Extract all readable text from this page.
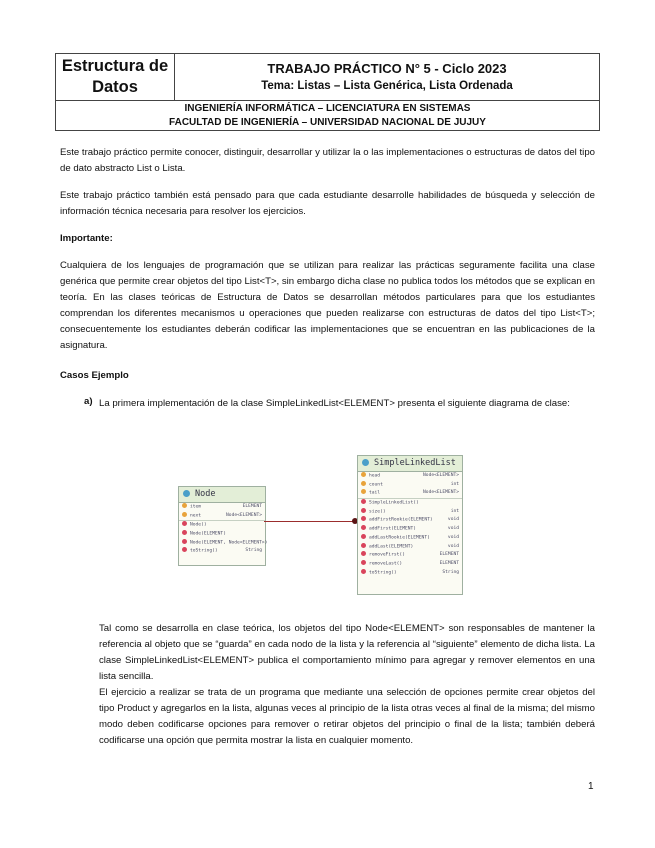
Estructura de Datos	
TRABAJO PRÁCTICO N° 5 - Ciclo 2023
Tema: Listas – Lista Genérica, Lista Ordenada

INGENIERÍA INFORMÁTICA – LICENCIATURA EN SISTEMAS
FACULTAD DE INGENIERÍA – UNIVERSIDAD NACIONAL DE JUJUY

Este trabajo práctico permite conocer, distinguir, desarrollar y utilizar la o las implementaciones o estructuras de datos del tipo de dato abstracto List o Lista.

Este trabajo práctico también está pensado para que cada estudiante desarrolle habilidades de búsqueda y selección de información técnica necesaria para resolver los ejercicios.

Importante:

Cualquiera de los lenguajes de programación que se utilizan para realizar las prácticas seguramente facilita una clase genérica que permite crear objetos del tipo List<T>, sin embargo dicha clase no publica todos los métodos que se explican en teoría. En las clases teóricas de Estructura de Datos se desarrollan métodos particulares para que los estudiantes comprendan los diferentes mecanismos u operaciones que pueden realizarse con estructuras de datos del tipo List<T>; consecuentemente los estudiantes deberán codificar las implementaciones que se encuentran en las publicaciones de la asignatura.

Casos Ejemplo

a) La primera implementación de la clase SimpleLinkedList<ELEMENT> presenta el siguiente diagrama de clase:
Node
item	ELEMENT
next	Node<ELEMENT>
Node()
Node(ELEMENT)
Node(ELEMENT, Node<ELEMENT>)
toString()	String
SimpleLinkedList
head	Node<ELEMENT>
count	int
tail	Node<ELEMENT>
SimpleLinkedList()
size()	int
addFirstRookie(ELEMENT)	void
addFirst(ELEMENT)	void
addLastRookie(ELEMENT)	void
addLast(ELEMENT)	void
removeFirst()	ELEMENT
removeLast()	ELEMENT
toString()	String

Tal como se desarrolla en clase teórica, los objetos del tipo Node<ELEMENT> son responsables de mantener la referencia al objeto que se “guarda” en cada nodo de la lista y la referencia al “siguiente” elemento de dicha lista. La clase SimpleLinkedList<ELEMENT> publica el comportamiento mínimo para agregar y remover elementos en una lista sencilla.

El ejercicio a realizar se trata de un programa que mediante una selección de opciones permite crear objetos del tipo Product y agregarlos en la lista, algunas veces al principio de la lista otras veces al final de la misma; del mismo modo deben codificarse opciones para remover o retirar objetos del principio o final de la lista; también deberá codificarse una opción que permita mostrar la lista en cualquier momento.

1
